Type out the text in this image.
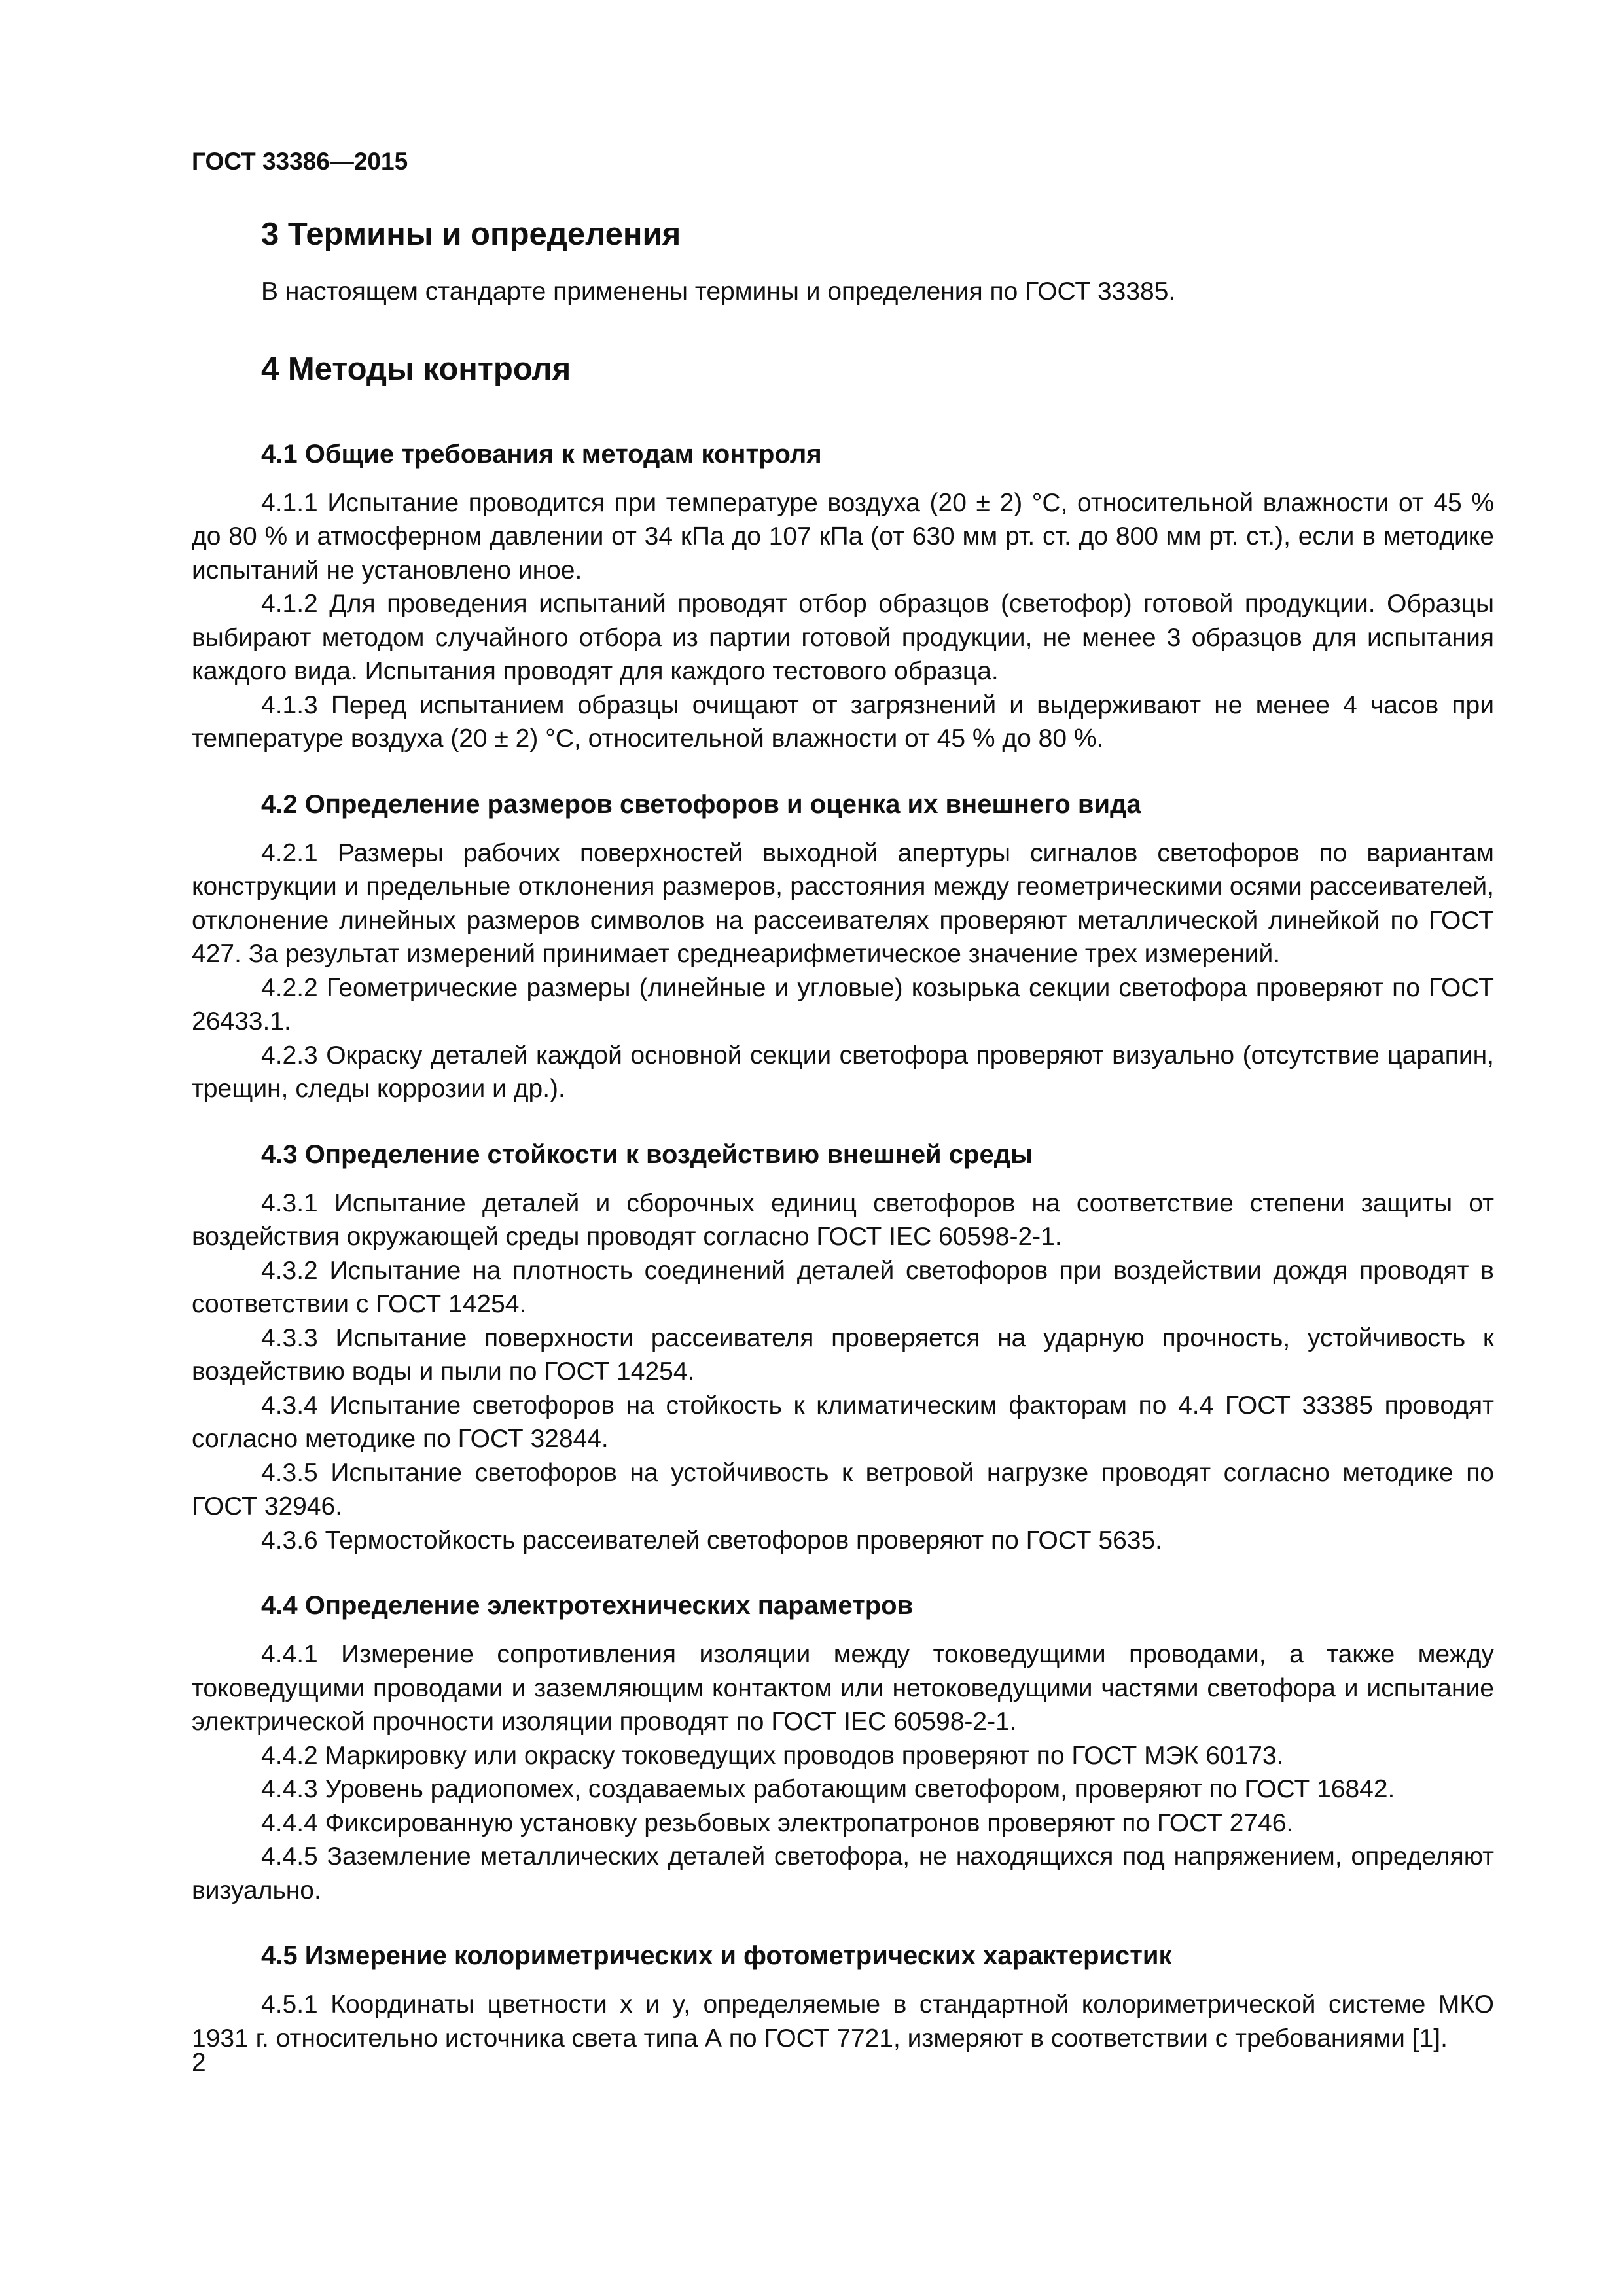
ГОСТ 33386—2015
3 Термины и определения

В настоящем стандарте применены термины и определения по ГОСТ 33385.

4 Методы контроля
4.1 Общие требования к методам контроля

4.1.1 Испытание проводится при температуре воздуха (20 ± 2) °C, относительной влажности от 45 % до 80 % и атмосферном давлении от 34 кПа до 107 кПа (от 630 мм рт. ст. до 800 мм рт. ст.), если в методике испытаний не установлено иное.

4.1.2 Для проведения испытаний проводят отбор образцов (светофор) готовой продукции. Образцы выбирают методом случайного отбора из партии готовой продукции, не менее 3 образцов для испытания каждого вида. Испытания проводят для каждого тестового образца.

4.1.3 Перед испытанием образцы очищают от загрязнений и выдерживают не менее 4 часов при температуре воздуха (20 ± 2) °C, относительной влажности от 45 % до 80 %.

4.2 Определение размеров светофоров и оценка их внешнего вида

4.2.1 Размеры рабочих поверхностей выходной апертуры сигналов светофоров по вариантам конструкции и предельные отклонения размеров, расстояния между геометрическими осями рассеивателей, отклонение линейных размеров символов на рассеивателях проверяют металлической линейкой по ГОСТ 427. За результат измерений принимает среднеарифметическое значение трех измерений.

4.2.2 Геометрические размеры (линейные и угловые) козырька секции светофора проверяют по ГОСТ 26433.1.

4.2.3 Окраску деталей каждой основной секции светофора проверяют визуально (отсутствие царапин, трещин, следы коррозии и др.).

4.3 Определение стойкости к воздействию внешней среды

4.3.1 Испытание деталей и сборочных единиц светофоров на соответствие степени защиты от воздействия окружающей среды проводят согласно ГОСТ IEC 60598-2-1.

4.3.2 Испытание на плотность соединений деталей светофоров при воздействии дождя проводят в соответствии с ГОСТ 14254.

4.3.3 Испытание поверхности рассеивателя проверяется на ударную прочность, устойчивость к воздействию воды и пыли по ГОСТ 14254.

4.3.4 Испытание светофоров на стойкость к климатическим факторам по 4.4 ГОСТ 33385 проводят согласно методике по ГОСТ 32844.

4.3.5 Испытание светофоров на устойчивость к ветровой нагрузке проводят согласно методике по ГОСТ 32946.

4.3.6 Термостойкость рассеивателей светофоров проверяют по ГОСТ 5635.

4.4 Определение электротехнических параметров

4.4.1 Измерение сопротивления изоляции между токоведущими проводами, а также между токоведущими проводами и заземляющим контактом или нетоковедущими частями светофора и испытание электрической прочности изоляции проводят по ГОСТ IEC 60598-2-1.

4.4.2 Маркировку или окраску токоведущих проводов проверяют по ГОСТ МЭК 60173.

4.4.3 Уровень радиопомех, создаваемых работающим светофором, проверяют по ГОСТ 16842.

4.4.4 Фиксированную установку резьбовых электропатронов проверяют по ГОСТ 2746.

4.4.5 Заземление металлических деталей светофора, не находящихся под напряжением, определяют визуально.

4.5 Измерение колориметрических и фотометрических характеристик

4.5.1 Координаты цветности x и y, определяемые в стандартной колориметрической системе МКО 1931 г. относительно источника света типа А по ГОСТ 7721, измеряют в соответствии с требованиями [1].

2
